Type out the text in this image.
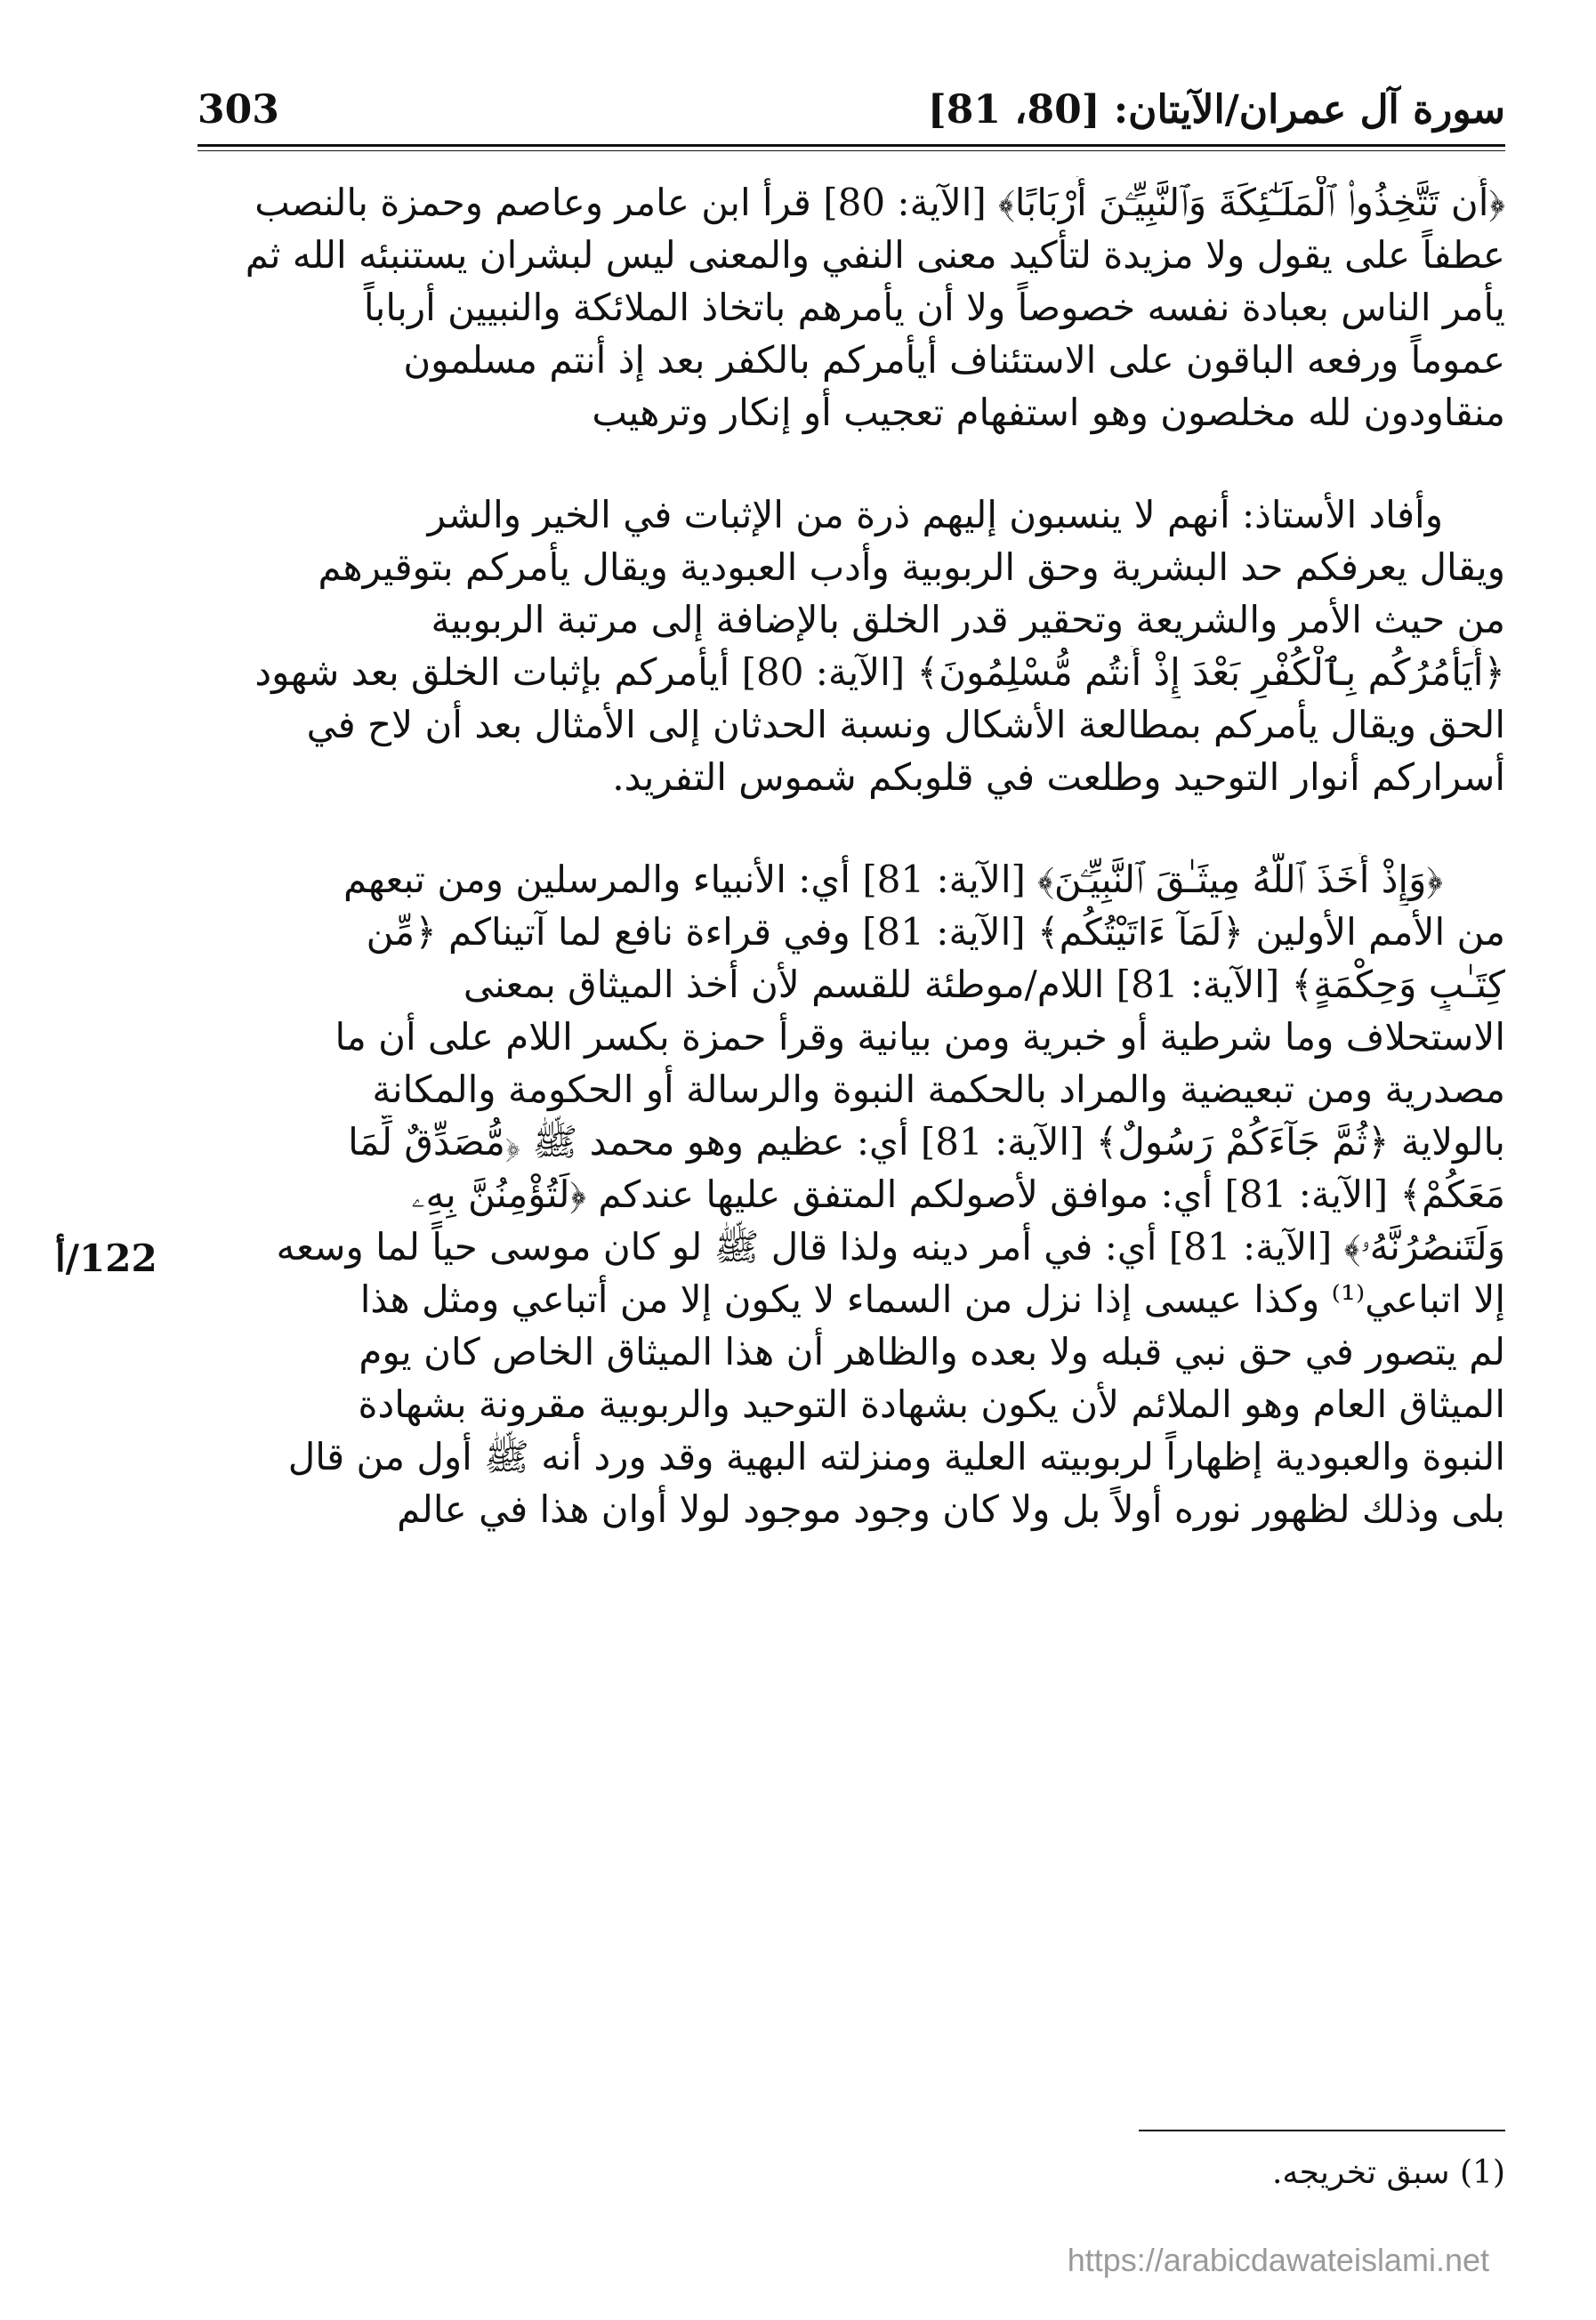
سورة آل عمران/الآيتان: [80، 81]
303
﴿أَن تَتَّخِذُوا۟ ٱلْمَلَـٰٓئِكَةَ وَٱلنَّبِيِّـۧنَ أَرْبَابًا﴾ [الآية: 80] قرأ ابن عامر وعاصم وحمزة بالنصب
عطفاً على يقول ولا مزيدة لتأكيد معنى النفي والمعنى ليس لبشران يستنبئه الله ثم
يأمر الناس بعبادة نفسه خصوصاً ولا أن يأمرهم باتخاذ الملائكة والنبيين أرباباً
عموماً ورفعه الباقون على الاستئناف أيأمركم بالكفر بعد إذ أنتم مسلمون
منقاودون لله مخلصون وهو استفهام تعجيب أو إنكار وترهيب
وأفاد الأستاذ: أنهم لا ينسبون إليهم ذرة من الإثبات في الخير والشر
ويقال يعرفكم حد البشرية وحق الربوبية وأدب العبودية ويقال يأمركم بتوقيرهم
من حيث الأمر والشريعة وتحقير قدر الخلق بالإضافة إلى مرتبة الربوبية
﴿أَيَأْمُرُكُم بِٱلْكُفْرِ بَعْدَ إِذْ أَنتُم مُّسْلِمُونَ﴾ [الآية: 80] أيأمركم بإثبات الخلق بعد شهود
الحق ويقال يأمركم بمطالعة الأشكال ونسبة الحدثان إلى الأمثال بعد أن لاح في
أسراركم أنوار التوحيد وطلعت في قلوبكم شموس التفريد.
﴿وَإِذْ أَخَذَ ٱللَّهُ مِيثَـٰقَ ٱلنَّبِيِّـۧنَ﴾ [الآية: 81] أي: الأنبياء والمرسلين ومن تبعهم
من الأمم الأولين ﴿لَمَآ ءَاتَيْتُكُم﴾ [الآية: 81] وفي قراءة نافع لما آتيناكم ﴿مِّن
كِتَـٰبٍ وَحِكْمَةٍ﴾ [الآية: 81] اللام/موطئة للقسم لأن أخذ الميثاق بمعنى
الاستحلاف وما شرطية أو خبرية ومن بيانية وقرأ حمزة بكسر اللام على أن ما
مصدرية ومن تبعيضية والمراد بالحكمة النبوة والرسالة أو الحكومة والمكانة
بالولاية ﴿ثُمَّ جَآءَكُمْ رَسُولٌ﴾ [الآية: 81] أي: عظيم وهو محمد ﷺ ﴿مُّصَدِّقٌ لِّمَا
مَعَكُمْ﴾ [الآية: 81] أي: موافق لأصولكم المتفق عليها عندكم ﴿لَتُؤْمِنُنَّ بِهِۦ
وَلَتَنصُرُنَّهُۥ﴾ [الآية: 81] أي: في أمر دينه ولذا قال ﷺ لو كان موسى حياً لما وسعه
إلا اتباعي⁽¹⁾ وكذا عيسى إذا نزل من السماء لا يكون إلا من أتباعي ومثل هذا
لم يتصور في حق نبي قبله ولا بعده والظاهر أن هذا الميثاق الخاص كان يوم
الميثاق العام وهو الملائم لأن يكون بشهادة التوحيد والربوبية مقرونة بشهادة
النبوة والعبودية إظهاراً لربوبيته العلية ومنزلته البهية وقد ورد أنه ﷺ أول من قال
بلى وذلك لظهور نوره أولاً بل ولا كان وجود موجود لولا أوان هذا في عالم
122/أ
(1) سبق تخريجه.
https://arabicdawateislami.net
